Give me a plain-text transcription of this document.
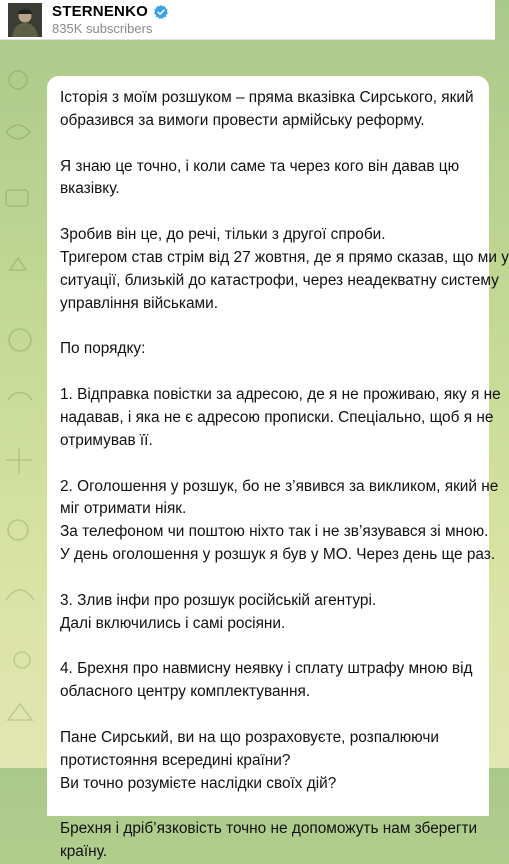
STERNENKO
835K subscribers

Історія з моїм розшуком – пряма вказівка Сирського, який
образився за вимоги провести армійську реформу.

Я знаю це точно, і коли саме та через кого він давав цю
вказівку.

Зробив він це, до речі, тільки з другої спроби.
Тригером став стрім від 27 жовтня, де я прямо сказав, що ми у
ситуації, близькій до катастрофи, через неадекватну систему
управління військами.

По порядку:

1. Відправка повістки за адресою, де я не проживаю, яку я не
надавав, і яка не є адресою прописки. Спеціально, щоб я не
отримував її.

2. Оголошення у розшук, бо не з’явився за викликом, який не
міг отримати ніяк.
За телефоном чи поштою ніхто так і не зв’язувався зі мною.
У день оголошення у розшук я був у МО. Через день ще раз.

3. Злив інфи про розшук російській агентурі.
Далі включились і самі росіяни.

4. Брехня про навмисну неявку і сплату штрафу мною від
обласного центру комплектування.

Пане Сирський, ви на що розраховуєте, розпалюючи
протистояння всередині країни?
Ви точно розумієте наслідки своїх дій?

Брехня і дріб’язковість точно не допоможуть нам зберегти
країну.
